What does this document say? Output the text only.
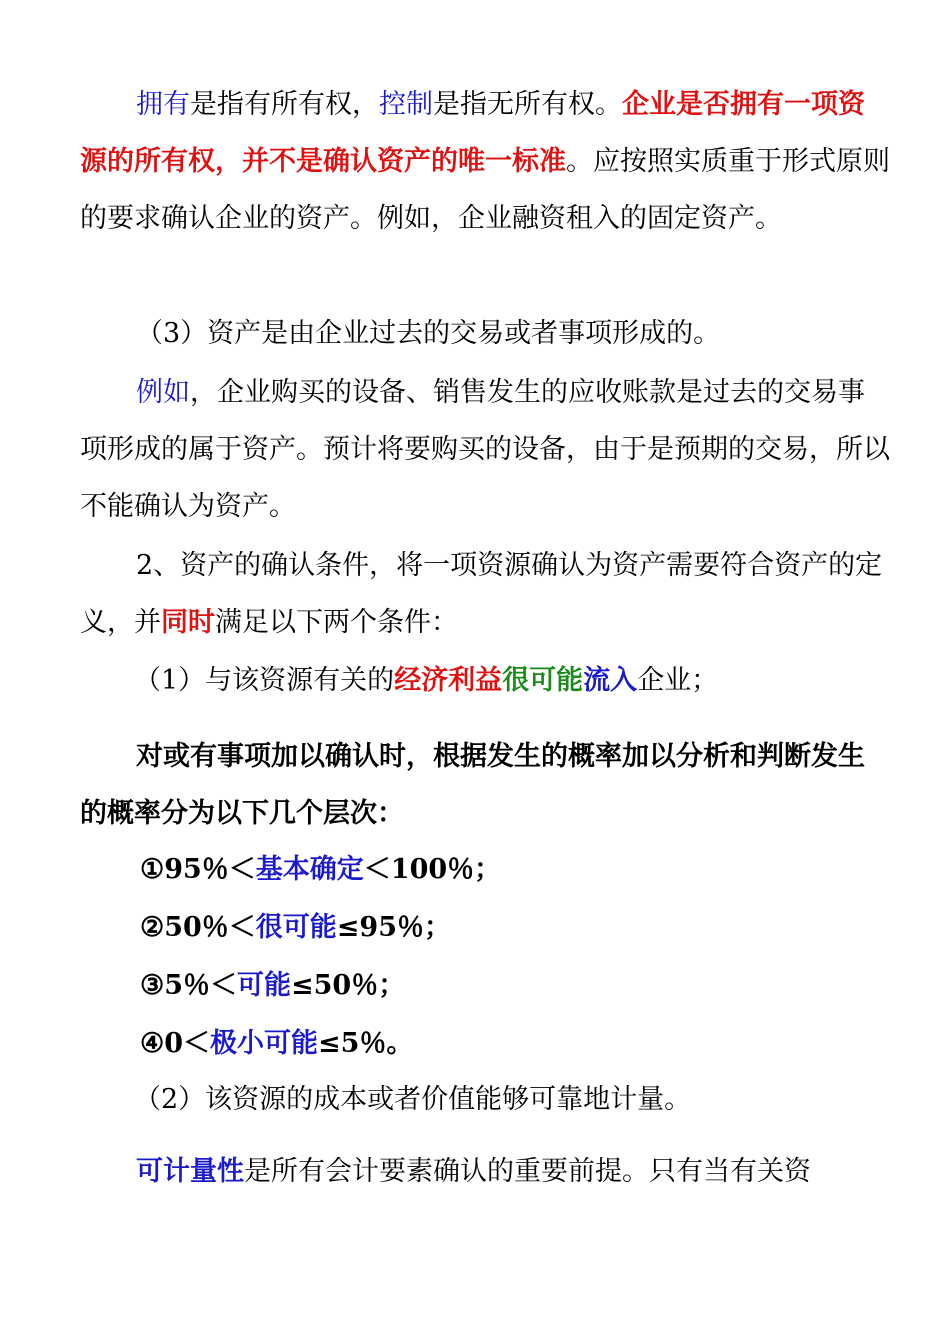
拥有是指有所有权，控制是指无所有权。企业是否拥有一项资源的所有权，并不是确认资产的唯一标准。应按照实质重于形式原则的要求确认企业的资产。例如，企业融资租入的固定资产。

（3）资产是由企业过去的交易或者事项形成的。

例如，企业购买的设备、销售发生的应收账款是过去的交易事项形成的属于资产。预计将要购买的设备，由于是预期的交易，所以不能确认为资产。

2、资产的确认条件，将一项资源确认为资产需要符合资产的定义，并同时满足以下两个条件：

（1）与该资源有关的经济利益很可能流入企业；

对或有事项加以确认时，根据发生的概率加以分析和判断发生的概率分为以下几个层次：

①95％＜基本确定＜100％；
②50％＜很可能≤95％；
③5％＜可能≤50％；
④0＜极小可能≤5％。

（2）该资源的成本或者价值能够可靠地计量。

可计量性是所有会计要素确认的重要前提。只有当有关资
